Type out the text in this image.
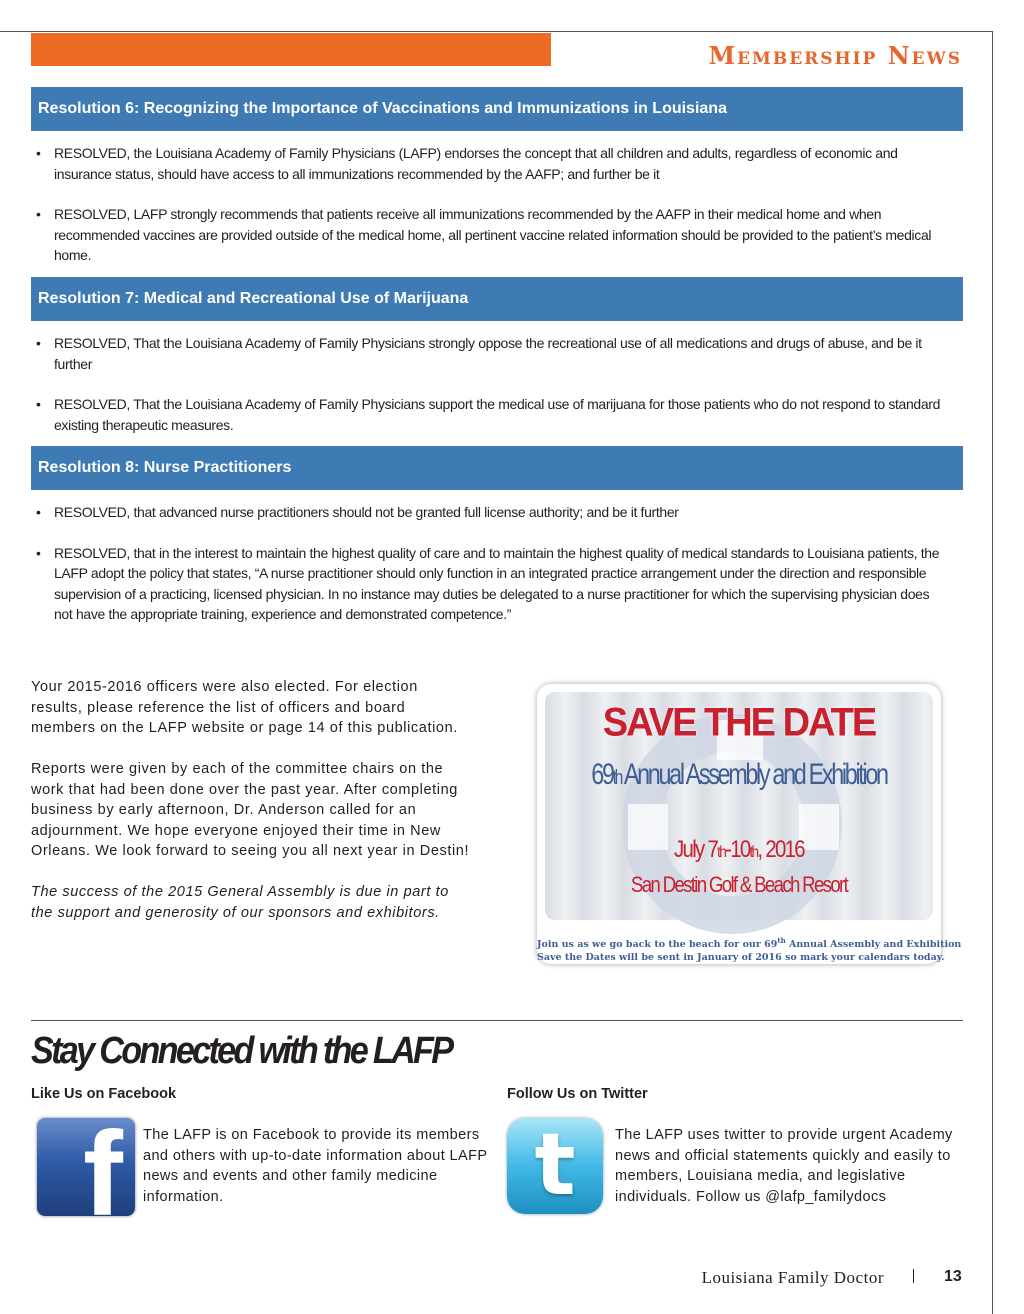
Membership News
Resolution 6: Recognizing the Importance of Vaccinations and Immunizations in Louisiana
• RESOLVED, the Louisiana Academy of Family Physicians (LAFP) endorses the concept that all children and adults, regardless of economic and insurance status, should have access to all immunizations recommended by the AAFP; and further be it
• RESOLVED, LAFP strongly recommends that patients receive all immunizations recommended by the AAFP in their medical home and when recommended vaccines are provided outside of the medical home, all pertinent vaccine related information should be provided to the patient’s medical home.
Resolution 7: Medical and Recreational Use of Marijuana
• RESOLVED, That the Louisiana Academy of Family Physicians strongly oppose the recreational use of all medications and drugs of abuse, and be it further
• RESOLVED, That the Louisiana Academy of Family Physicians support the medical use of marijuana for those patients who do not respond to standard existing therapeutic measures.
Resolution 8: Nurse Practitioners
• RESOLVED, that advanced nurse practitioners should not be granted full license authority; and be it further
• RESOLVED, that in the interest to maintain the highest quality of care and to maintain the highest quality of medical standards to Louisiana patients, the LAFP adopt the policy that states, “A nurse practitioner should only function in an integrated practice arrangement under the direction and responsible supervision of a practicing, licensed physician. In no instance may duties be delegated to a nurse practitioner for which the supervising physician does not have the appropriate training, experience and demonstrated competence.”

Your 2015-2016 officers were also elected. For election results, please reference the list of officers and board members on the LAFP website or page 14 of this publication.

Reports were given by each of the committee chairs on the work that had been done over the past year. After completing business by early afternoon, Dr. Anderson called for an adjournment. We hope everyone enjoyed their time in New Orleans. We look forward to seeing you all next year in Destin!

The success of the 2015 General Assembly is due in part to the support and generosity of our sponsors and exhibitors.

SAVE THE DATE
69th Annual Assembly and Exhibition
July 7th-10th, 2016
San Destin Golf & Beach Resort
Join us as we go back to the beach for our 69th Annual Assembly and Exhibition
Save the Dates will be sent in January of 2016 so mark your calendars today.
Stay Connected with the LAFP
Like Us on Facebook
f The LAFP is on Facebook to provide its members and others with up-to-date information about LAFP news and events and other family medicine information.
Follow Us on Twitter
t	The LAFP uses twitter to provide urgent Academy news and official statements quickly and easily to members, Louisiana media, and legislative individuals. Follow us @lafp_familydocs
Louisiana Family Doctor	13
